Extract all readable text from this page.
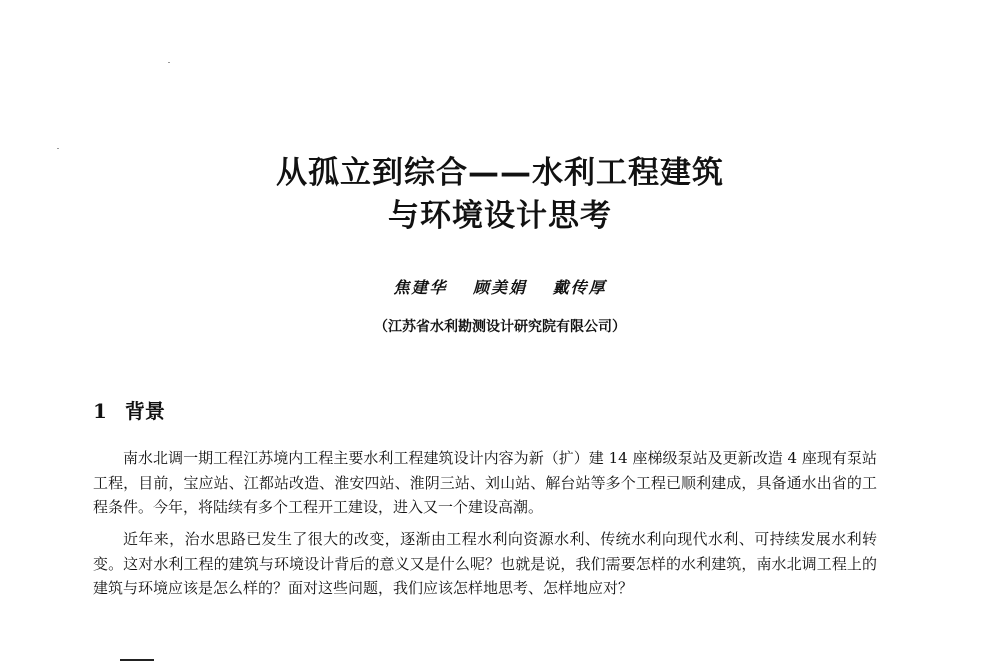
从孤立到综合——水利工程建筑
与环境设计思考
焦建华 顾美娟 戴传厚
（江苏省水利勘测设计研究院有限公司）
1 背景

南水北调一期工程江苏境内工程主要水利工程建筑设计内容为新（扩）建 14 座梯级泵站及更新改造 4 座现有泵站工程，目前，宝应站、江都站改造、淮安四站、淮阴三站、刘山站、解台站等多个工程已顺利建成，具备通水出省的工程条件。今年，将陆续有多个工程开工建设，进入又一个建设高潮。

近年来，治水思路已发生了很大的改变，逐渐由工程水利向资源水利、传统水利向现代水利、可持续发展水利转变。这对水利工程的建筑与环境设计背后的意义又是什么呢？也就是说，我们需要怎样的水利建筑，南水北调工程上的建筑与环境应该是怎么样的？面对这些问题，我们应该怎样地思考、怎样地应对？
